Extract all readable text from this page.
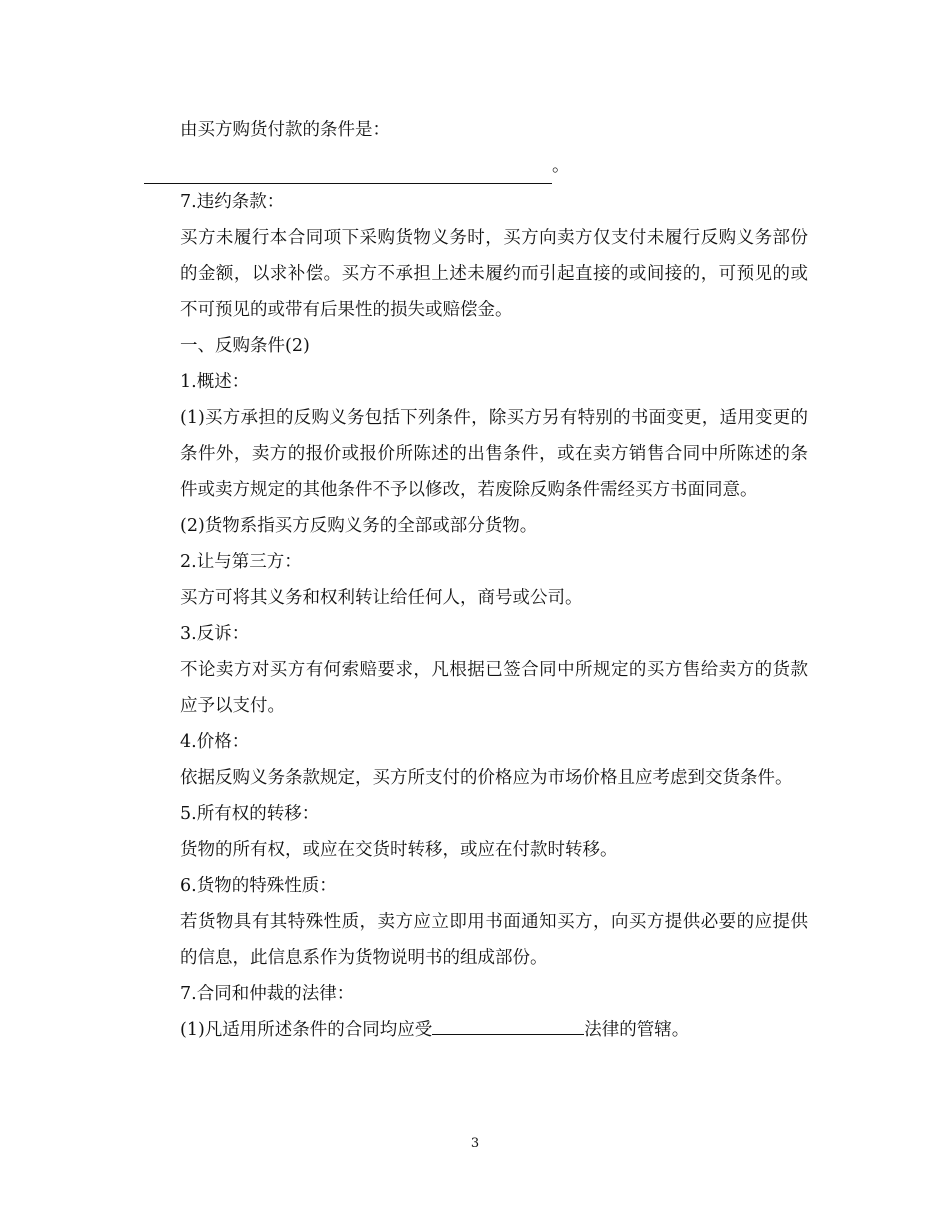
由买方购货付款的条件是：

。

7.违约条款：

买方未履行本合同项下采购货物义务时，买方向卖方仅支付未履行反购义务部份的金额，以求补偿。买方不承担上述未履约而引起直接的或间接的，可预见的或不可预见的或带有后果性的损失或赔偿金。

一、反购条件(2)

1.概述：

(1)买方承担的反购义务包括下列条件，除买方另有特别的书面变更，适用变更的条件外，卖方的报价或报价所陈述的出售条件，或在卖方销售合同中所陈述的条件或卖方规定的其他条件不予以修改，若废除反购条件需经买方书面同意。

(2)货物系指买方反购义务的全部或部分货物。

2.让与第三方：

买方可将其义务和权利转让给任何人，商号或公司。

3.反诉：

不论卖方对买方有何索赔要求，凡根据已签合同中所规定的买方售给卖方的货款应予以支付。

4.价格：

依据反购义务条款规定，买方所支付的价格应为市场价格且应考虑到交货条件。

5.所有权的转移：

货物的所有权，或应在交货时转移，或应在付款时转移。

6.货物的特殊性质：

若货物具有其特殊性质，卖方应立即用书面通知买方，向买方提供必要的应提供的信息，此信息系作为货物说明书的组成部份。

7.合同和仲裁的法律：

(1)凡适用所述条件的合同均应受	法律的管辖。

3
